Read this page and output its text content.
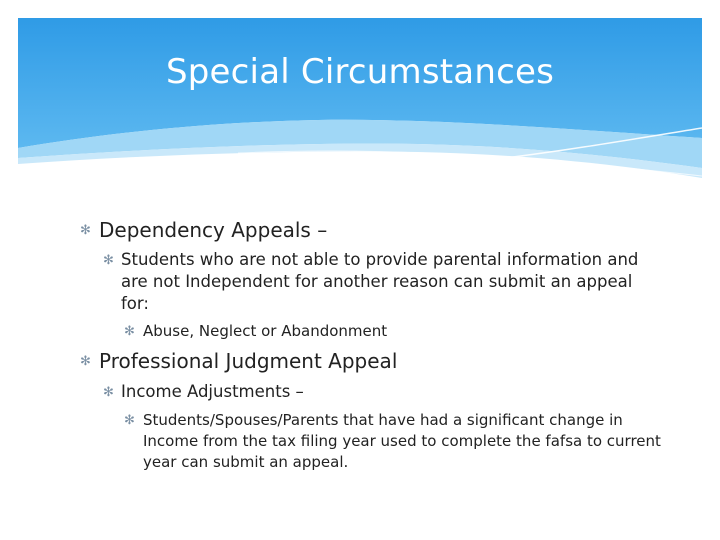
Special Circumstances
✻ Dependency Appeals –
✻ Students who are not able to provide parental information and are not Independent for another reason can submit an appeal for:
✻ Abuse, Neglect or Abandonment
✻ Professional Judgment Appeal
✻ Income Adjustments –
✻ Students/Spouses/Parents that have had a significant change in Income from the tax filing year used to complete the fafsa to current year can submit an appeal.
